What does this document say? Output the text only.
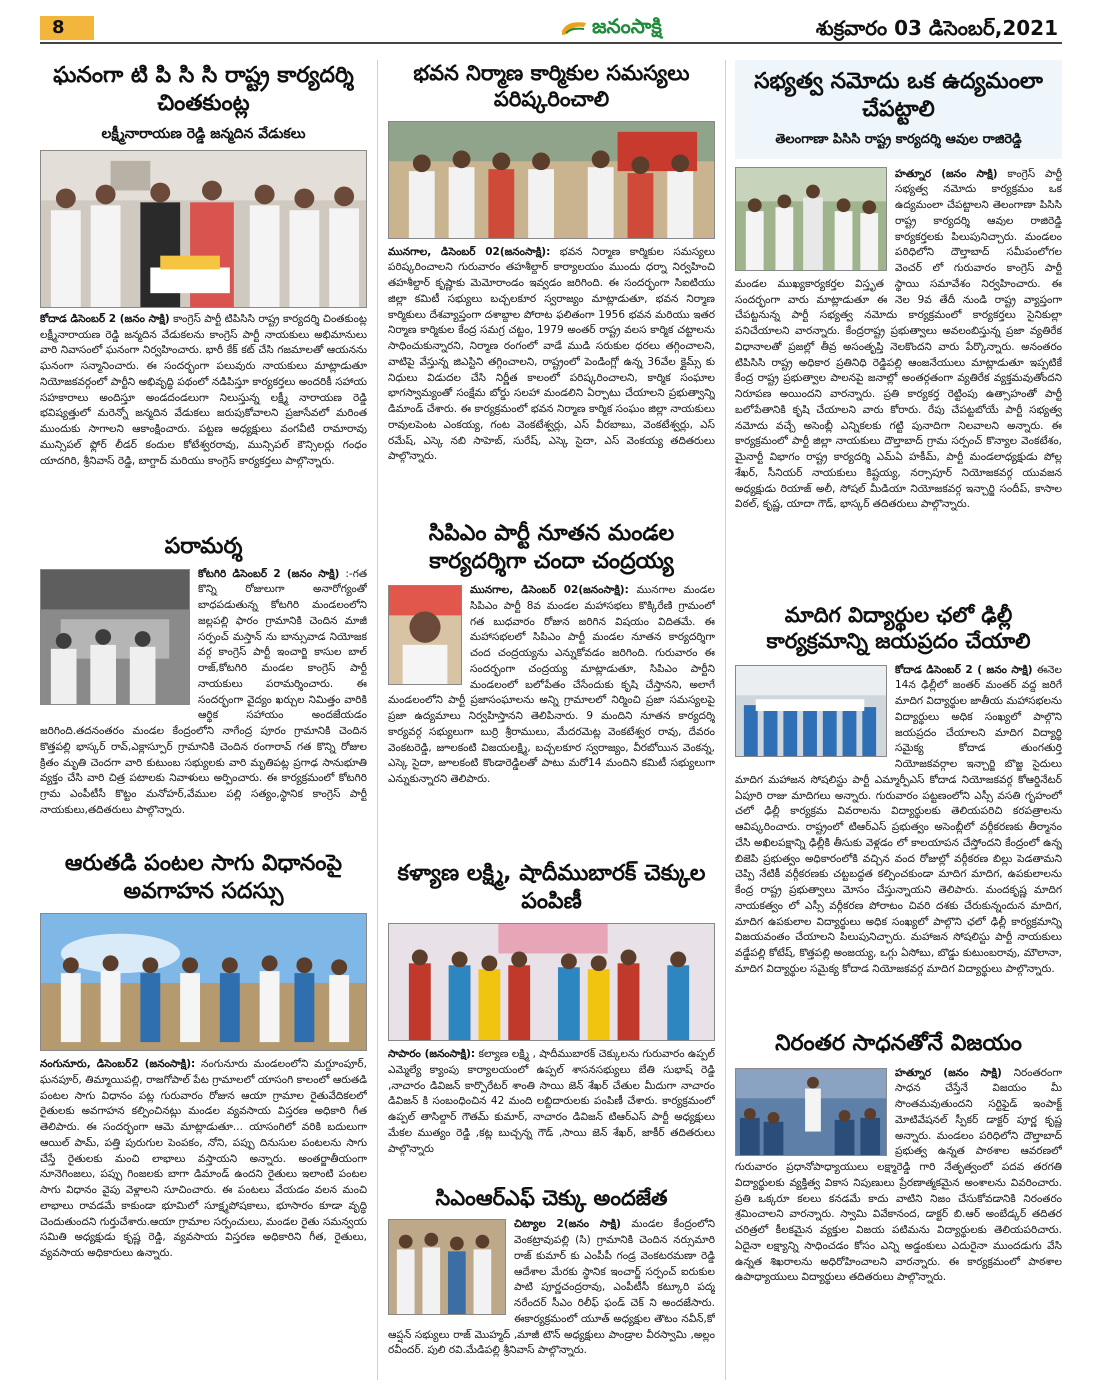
8	జనంసాక్షి	శుక్రవారం 03 డిసెంబర్,2021
ఘనంగా టి పి సి సి రాష్ట్ర కార్యదర్శి చింతకుంట్ల
లక్ష్మీనారాయణ రెడ్డి జన్మదిన వేడుకలు

కోదాడ డిసెంబర్ 2 (జనం సాక్షి) కాంగ్రెస్ పార్టీ టిపిసిసి రాష్ట్ర కార్యదర్శి చింతకుంట్ల లక్ష్మీనారాయణ రెడ్డి జన్మదిన వేడుకలను కాంగ్రెస్ పార్టీ నాయకులు అభిమానులు వారి నివాసంలో ఘనంగా నిర్వహించారు. భారీ కేక్ కట్ చేసి గజమాలతో ఆయనను ఘనంగా సన్మానించారు. ఈ సందర్భంగా పలువురు నాయకులు మాట్లాడుతూ నియోజకవర్గంలో పార్టీని అభివృద్ధి పథంలో నడిపిస్తూ కార్యకర్తలు అందరికీ సహాయ సహకారాలు అందిస్తూ అండదండలుగా నిలుస్తున్న లక్ష్మీ నారాయణ రెడ్డి భవిష్యత్తులో మరెన్నో జన్మదిన వేడుకలు జరుపుకోవాలని ప్రజాసేవలో మరింత ముందుకు సాగాలని ఆకాంక్షించారు. పట్టణ అధ్యక్షులు వంగవీటి రామారావు మున్సిపల్ ఫ్లోర్ లీడర్ కందుల కోటేశ్వరరావు, మున్సిపల్ కౌన్సిలర్లు గంధం యాదగిరి, శ్రీనివాస్ రెడ్డి, బాగ్దాద్ మరియు కాంగ్రెస్ కార్యకర్తలు పాల్గొన్నారు.

పరామర్శ

కోటగిరి డిసెంబర్ 2 (జనం సాక్షి) :-గత కొన్ని రోజులుగా అనారోగ్యంతో బాధపడుతున్న కోటగిరి మండలంలోని జల్లపల్లి ఫారం గ్రామానికి చెందిన మాజీ సర్పంచ్ మస్తాన్ ను బాన్సువాడ నియోజక వర్గ కాంగ్రెస్ పార్టీ ఇంచార్జి కాసుల బాల్ రాజ్,కోటగిరి మండల కాంగ్రెస్ పార్టీ నాయకులు పరామర్శించారు. ఈ సందర్భంగా వైద్యం ఖర్చుల నిమిత్తం వారికి ఆర్థిక సహాయం అందజేయడం జరిగింది.తదనంతరం మండల కేంద్రంలోని నాగేంద్ర పూరం గ్రామానికి చెందిన కొత్తపల్లి భాస్కర్ రావ్,ఎక్లాస్పూర్ గ్రామానికి చెందిన రంగారావ్ గత కొన్ని రోజుల క్రితం మృతి చెందగా వారి కుటుంబ సభ్యులకు వారి మృతిపట్ల ప్రగాఢ సానుభూతి వ్యక్తం చేసి వారి చిత్ర పటాలకు నివాళులు అర్పించారు. ఈ కార్యక్రమంలో కోటగిరి గ్రామ ఎంపీటీసీ కొట్టం మనోహర్,వేముల పల్లి సత్యం,స్థానిక కాంగ్రెస్ పార్టీ నాయకులు,తదితరులు పాల్గొన్నారు.

ఆరుతడి పంటల సాగు విధానంపై అవగాహన సదస్సు

నంగునూరు, డిసెంబర్2 (జనంసాక్షి): నంగునూరు మండలంలోని మగ్దూంపూర్, ఘనపూర్, తిమ్మాయిపల్లి, రాజగోపాల్ పేట గ్రామాలలో యాసంగి కాలంలో ఆరుతడి పంటల సాగు విధానం పట్ల గురువారం రోజున ఆయా గ్రామాల రైతువేదికలలో రైతులకు అవగాహన కల్పించినట్లు మండల వ్యవసాయ విస్తరణ అధికారి గీత తెలిపారు. ఈ సందర్భంగా ఆమె మాట్లాడుతూ... యాసంగిలో వరికి బదులుగా ఆయిల్ పామ్, పత్తి పురుగుల పెంపకం, నోని, పప్పు దినుసుల పంటలను సాగు చేస్తే రైతులకు మంచి లాభాలు వస్తాయని అన్నారు. అంతర్జాతీయంగా నూనెగింజలు, పప్పు గింజలకు బాగా డిమాండ్ ఉందని రైతులు ఇలాంటి పంటల సాగు విధానం వైపు వెళ్లాలని సూచించారు. ఈ పంటలు వేయడం వలన మంచి లాభాలు రావడమే కాకుండా భూమిలో సూక్ష్మపోషకాలు, భూసారం కూడా వృద్ధి చెందుతుందని గుర్తుచేశారు.ఆయా గ్రామాల సర్పంచులు, మండల రైతు సమన్వయ సమితి అధ్యక్షుడు కృష్ణ రెడ్డి, వ్యవసాయ విస్తరణ అధికారిని గీత, రైతులు, వ్యవసాయ అధికారులు ఉన్నారు.

భవన నిర్మాణ కార్మికుల సమస్యలు పరిష్కరించాలి

మునగాల, డిసెంబర్ 02(జనంసాక్షి): భవన నిర్మాణ కార్మికుల సమస్యలు పరిష్కరించాలని గురువారం తహశీల్దార్ కార్యాలయం ముందు ధర్నా నిర్వహించి తహశీల్దార్ కృష్ణాకు మెమోరాండం ఇవ్వడం జరిగింది. ఈ సందర్భంగా సిఐటియు జిల్లా కమిటీ సభ్యులు బచ్చలకూర స్వరాజ్యం మాట్లాడుతూ, భవన నిర్మాణ కార్మికులు దేశవ్యాప్తంగా దశాబ్దాల పోరాట ఫలితంగా 1956 భవన మరియు ఇతర నిర్మాణ కార్మికుల కేంద్ర సమగ్ర చట్టం, 1979 అంతర్ రాష్ట్ర వలస కార్మిక చట్టాలను సాధించుకున్నారని, నిర్మాణ రంగంలో వాడే ముడి సరుకుల ధరలు తగ్గించాలని, వాటిపై వేస్తున్న జిఎస్టిని తగ్గించాలని, రాష్ట్రంలో పెండింగ్లో ఉన్న 36వేల క్లైమ్స్ కు నిధులు విడుదల చేసి నిర్ణీత కాలంలో పరిష్కరించాలని, కార్మిక సంఘాల భాగస్వామ్యంతో సంక్షేమ బోర్డు సలహా మండలిని ఏర్పాటు చేయాలని ప్రభుత్వాన్ని డిమాండ్ చేశారు. ఈ కార్యక్రమంలో భవన నిర్మాణ కార్మిక సంఘం జిల్లా నాయకులు రావులపెంట ఎంకయ్య, గంట వెంకటేశ్వర్లు, ఎస్ వీరబాబు, వెంకటేశ్వర్లు, ఎస్ రమేష్, ఎస్కె నబి సాహెబ్, సురేష్, ఎస్కె సైదా, ఎస్ వెంకయ్య తదితరులు పాల్గొన్నారు.

సిపిఎం పార్టీ నూతన మండల కార్యదర్శిగా చందా చంద్రయ్య

మునగాల, డిసెంబర్ 02(జనంసాక్షి): మునగాల మండల సిపిఎం పార్టీ 8వ మండల మహాసభలు కొక్కిరేణి గ్రామంలో గత బుధవారం రోజున జరిగిన విషయం విదితమే. ఈ మహాసభలలో సిపిఎం పార్టీ మండల నూతన కార్యదర్శిగా చంద చంద్రయ్యను ఎన్నుకోవడం జరిగింది. గురువారం ఈ సందర్భంగా చంద్రయ్య మాట్లాడుతూ, సిపిఎం పార్టీని మండలంలో బలోపేతం చేసేందుకు కృషి చేస్తానని, అలాగే మండలంలోని పార్టీ ప్రజాసంఘాలను అన్ని గ్రామాలలో నిర్మించి ప్రజా సమస్యలపై ప్రజా ఉద్యమాలు నిర్వహిస్తానని తెలిపినారు. 9 మందిని నూతన కార్యదర్శి కార్యవర్గ సభ్యులుగా బుర్రి శ్రీరాములు, మేదరమెట్ల వెంకటేశ్వర రావు, దేవరం వెంకటరెడ్డి, జూలకంటి విజయలక్ష్మి, బచ్చలకూర స్వరాజ్యం, వీరబోయిన వెంకన్న, ఎస్కె సైదా, జూలకంటి కొండారెడ్డిలతో పాటు మరో14 మందిని కమిటీ సభ్యులుగా ఎన్నుకున్నారని తెలిపారు.

కళ్యాణ లక్ష్మి, షాదీముబారక్ చెక్కుల పంపిణీ

సాపారం (జనంసాక్షి): కల్యాణ లక్ష్మి , షాదీముబారక్ చెక్కులను గురువారం ఉప్పల్ ఎమ్మెల్యే క్యాంపు కార్యాలయంలో ఉప్పల్ శాసనసభ్యులు బేతి సుభాష్ రెడ్డి ,నాచారం డివిజన్ కార్పొరేటర్ శాంతి సాయి జెన్ శేఖర్ చేతుల మీదుగా నాచారం డివిజన్ కి సంబంధించిన 42 మంది లబ్దిదారులకు పంపిణీ చేశారు. కార్యక్రమంలో ఉప్పల్ తాసిల్దార్ గౌతమ్ కుమార్, నాచారం డివిజన్ టిఆర్ఎస్ పార్టీ అధ్యక్షులు మేకల ముత్యం రెడ్డి ,కట్ల బుచ్చన్న గౌడ్ ,సాయి జెన్ శేఖర్, జాకీర్ తదితరులు పాల్గొన్నారు

సిఎంఆర్ఎఫ్ చెక్కు అందజేత

చిట్యాల 2(జనం సాక్షి) మండల కేంద్రంలోని వెంకట్రావుపల్లి (సి) గ్రామానికి చెందిన నర్సుమారి రాజ్ కుమార్ కు ఎంపీపీ గండ్ర వెంకటరమణా రెడ్డి ఆదేశాల మేరకు స్థానిక ఇంచార్జ్ సర్పంచ్ ఐరుకుల పాటి పూర్ణచంద్రరావు, ఎంపీటీసీ కట్కూరి పద్మ నరేందర్ సీఎం రిలీఫ్ ఫండ్ చెక్ ని అందజేసారు. ఈకార్యక్రమంలో యూత్ అధ్యక్షుల తౌటం నవీన్,కో ఆప్షన్ సభ్యులు రాజ్ మొహ్మద్ ,మాజీ టౌన్ అధ్యక్షులు పాండ్రాల వీరస్వామి ,అల్లం రవీందర్. పులి రవి.మేడిపల్లి శ్రీనివాస్ పాల్గొన్నారు.

సభ్యత్వ నమోదు ఒక ఉద్యమంలా చేపట్టాలి
తెలంగాణా పిసిసి రాష్ట్ర కార్యదర్శి ఆవుల రాజిరెడ్డి

హత్నూర (జనం సాక్షి) కాంగ్రెస్ పార్టీ సభ్యత్వ నమోదు కార్యక్రమం ఒక ఉద్యమంలా చేపట్టాలని తెలంగాణా పిసిసి రాష్ట్ర కార్యదర్శి ఆవుల రాజిరెడ్డి కార్యకర్తలకు పిలుపునిచ్చారు. మండలం పరిధిలోని దౌల్తాబాద్ సమీపంలోగల వెంచర్ లో గురువారం కాంగ్రెస్ పార్టీ మండల ముఖ్యకార్యకర్తల విస్తృత స్థాయి సమావేశం నిర్వహించారు. ఈ సందర్భంగా వారు మాట్లాడుతూ ఈ నెల 9వ తేదీ నుండి రాష్ట్ర వ్యాప్తంగా చేపట్టనున్న పార్టీ సభ్యత్వ నమోదు కార్యక్రమంలో కార్యకర్తలు సైనికుల్లా పనిచేయాలని వారన్నారు. కేంద్రరాష్ట్ర ప్రభుత్వాలు అవలంబిస్తున్న ప్రజా వ్యతిరేక విధానాలతో ప్రజల్లో తీవ్ర అసంతృప్తి నెలకొందని వారు పేర్కొన్నారు. అనంతరం టిపిసిసి రాష్ట్ర అధికార ప్రతినిధి రెడ్డిపల్లి ఆంజనేయులు మాట్లాడుతూ ఇప్పటికే కేంద్ర రాష్ట్ర ప్రభుత్వాల పాలనపై జనాల్లో అంతర్గతంగా వ్యతిరేక వ్యక్తమవుతోందని నిరూపణ అయిందని వారన్నారు. ప్రతి కార్యకర్త రెట్టింపు ఉత్సాహంతో పార్టీ బలోపేతానికి కృషి చేయాలని వారు కోరారు. రేపు చేపట్టబోయే పార్టీ సభ్యత్వ నమోదు వచ్చే అసెంబ్లీ ఎన్నికలకు గట్టి పునాదిగా నిలవాలని అన్నారు. ఈ కార్యక్రమంలో పార్టీ జిల్లా నాయకులు దౌల్తాబాద్ గ్రామ సర్పంచ్ కొన్యాల వెంకటేశం, మైనార్టీ విభాగం రాష్ట్ర కార్యదర్శి ఎమ్ఏ హకీమ్, పార్టీ మండలాధ్యక్షుడు పోల్ల శేఖర్, సీనియర్ నాయకులు కిష్టయ్య, నర్సాపూర్ నియోజకవర్గ యువజన అధ్యక్షుడు రియాజ్ అలీ, సోషల్ మీడియా నియోజకవర్గ ఇన్చార్జి సందీప్, కాసాల విఠల్, కృష్ణ, యాదా గౌడ్, భాస్కర్ తదితరులు పాల్గొన్నారు.

మాదిగ విద్యార్థుల ఛలో ఢిల్లీ కార్యక్రమాన్ని జయప్రదం చేయాలి

కోదాడ డిసెంబర్ 2 ( జనం సాక్షి) ఈనెల 14న ఢిల్లీలో జంతర్ మంతర్ వద్ద జరిగే మాదిగ విద్యార్థుల జాతీయ మహాసభలను విద్యార్థులు అధిక సంఖ్యలో పాల్గొని జయప్రదం చేయాలని మాదిగ విద్యార్థి సమైక్య కోదాడ తుంగతుర్తి నియోజకవర్గాల ఇన్చార్జి బొజ్జ సైదులు మాదిగ మహాజన సోషలిస్టు పార్టీ ఎమ్మార్పీఎస్ కోదాడ నియోజకవర్గ కోఆర్డినేటర్ ఏపూరి రాజు మాదిగలు అన్నారు. గురువారం పట్టణంలోని ఎస్సీ వసతి గృహంలో చలో ఢిల్లీ కార్యక్రమ వివరాలను విద్యార్థులకు తెలియపరిచి కరపత్రాలను ఆవిష్కరించారు. రాష్ట్రంలో టిఆర్ఎస్ ప్రభుత్వం అసెంబ్లీలో వర్గీకరణకు తీర్మానం చేసి అఖిలపక్షాన్ని ఢిల్లీకి తీసుకు వెళ్లడం లో కాలయాపన చేస్తోందని కేంద్రంలో ఉన్న బిజెపి ప్రభుత్వం అధికారంలోకి వచ్చిన వంద రోజుల్లో వర్గీకరణ బిల్లు పెడతామని చెప్పి నేటికీ వర్గీకరణకు చట్టబద్ధత కల్పించకుండా మాదిగ మాదిగ, ఉపకులాలను కేంద్ర రాష్ట్ర ప్రభుత్వాలు మోసం చేస్తున్నాయని తెలిపారు. మందకృష్ణ మాదిగ నాయకత్వం లో ఎస్సీ వర్గీకరణ పోరాటం చివరి దశకు చేరుకున్నందున మాదిగ, మాదిగ ఉపకులాల విద్యార్థులు అధిక సంఖ్యలో పాల్గొని ఛలో ఢిల్లీ కార్యక్రమాన్ని విజయవంతం చేయాలని పిలుపునిచ్చారు. మహాజన సోషలిస్టు పార్టీ నాయకులు వడ్డేపల్లి కోటేష్, కొత్తపల్లి అంజయ్య, ఒగ్గు ఏసోబు, బొడ్డు కుటుంబరావు, మౌలానా, మాదిగ విద్యార్థుల సమైక్య కోదాడ నియోజకవర్గ మాదిగ విద్యార్థులు పాల్గొన్నారు.

నిరంతర సాధనతోనే విజయం

హత్నూర (జనం సాక్షి) నిరంతరంగా సాధన చేస్తేనే విజయం మీ సొంతమవుతుందని సర్టిఫైడ్ ఇంపాక్ట్ మోటివేషనల్ స్పీకర్ డాక్టర్ పూర్ణ కృష్ణ అన్నారు. మండలం పరిధిలోని దౌల్తాబాద్ ప్రభుత్వ ఉన్నత పాఠశాల ఆవరణలో గురువారం ప్రధానోపాధ్యాయులు లక్ష్మారెడ్డి గారి నేతృత్వంలో పదవ తరగతి విద్యార్థులకు వ్యక్తిత్వ వికాస నిపుణులు ప్రేరణాత్మకమైన అంశాలను వివరించారు. ప్రతి ఒక్కరూ కలలు కనడమే కాదు వాటిని నిజం చేసుకోవడానికి నిరంతరం శ్రమించాలని వారన్నారు. స్వామి వివేకానంద, డాక్టర్ బి.ఆర్ అంబేడ్కర్ తదితర చరిత్రలో కీలకమైన వ్యక్తుల విజయ పటిమను విద్యార్థులకు తెలియపరిచారు. ఏదైనా లక్ష్యాన్ని సాధించడం కోసం ఎన్ని అడ్డంకులు ఎదురైనా ముందడుగు వేసి ఉన్నత శిఖరాలను అధిరోహించాలని వారన్నారు. ఈ కార్యక్రమంలో పాఠశాల ఉపాధ్యాయులు విద్యార్థులు తదితరులు పాల్గొన్నారు.
